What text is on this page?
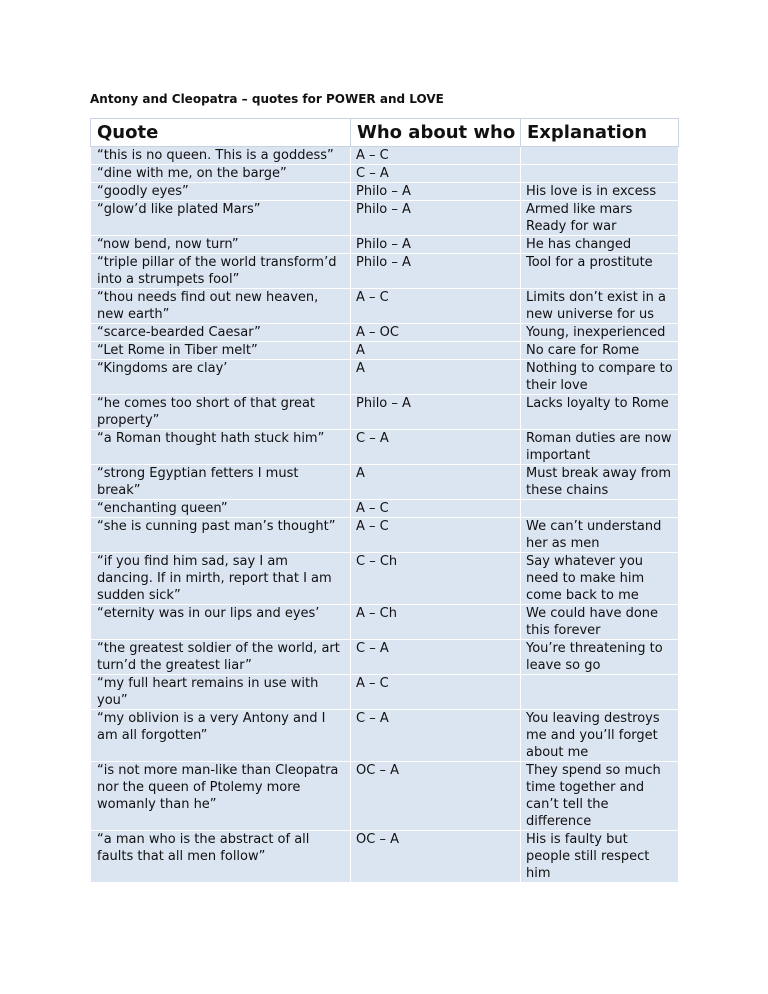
Antony and Cleopatra – quotes for POWER and LOVE
Quote	Who about who	Explanation
“this is no queen. This is a goddess”	A – C	
“dine with me, on the barge”	C – A	
“goodly eyes”	Philo – A	His love is in excess
“glow’d like plated Mars”	Philo – A	Armed like mars Ready for war
“now bend, now turn”	Philo – A	He has changed
“triple pillar of the world transform’d into a strumpets fool”	Philo – A	Tool for a prostitute
“thou needs find out new heaven, new earth”	A – C	Limits don’t exist in a new universe for us
“scarce-bearded Caesar”	A – OC	Young, inexperienced
“Let Rome in Tiber melt”	A	No care for Rome
“Kingdoms are clay’	A	Nothing to compare to their love
“he comes too short of that great property”	Philo – A	Lacks loyalty to Rome
“a Roman thought hath stuck him”	C – A	Roman duties are now important
“strong Egyptian fetters I must break”	A	Must break away from these chains
“enchanting queen”	A – C	
“she is cunning past man’s thought”	A – C	We can’t understand her as men
“if you find him sad, say I am dancing. If in mirth, report that I am sudden sick”	C – Ch	Say whatever you need to make him come back to me
“eternity was in our lips and eyes’	A – Ch	We could have done this forever
“the greatest soldier of the world, art turn’d the greatest liar”	C – A	You’re threatening to leave so go
“my full heart remains in use with you”	A – C	
“my oblivion is a very Antony and I am all forgotten”	C – A	You leaving destroys me and you’ll forget about me
“is not more man-like than Cleopatra nor the queen of Ptolemy more womanly than he”	OC – A	They spend so much time together and can’t tell the difference
“a man who is the abstract of all faults that all men follow”	OC – A	His is faulty but people still respect him
